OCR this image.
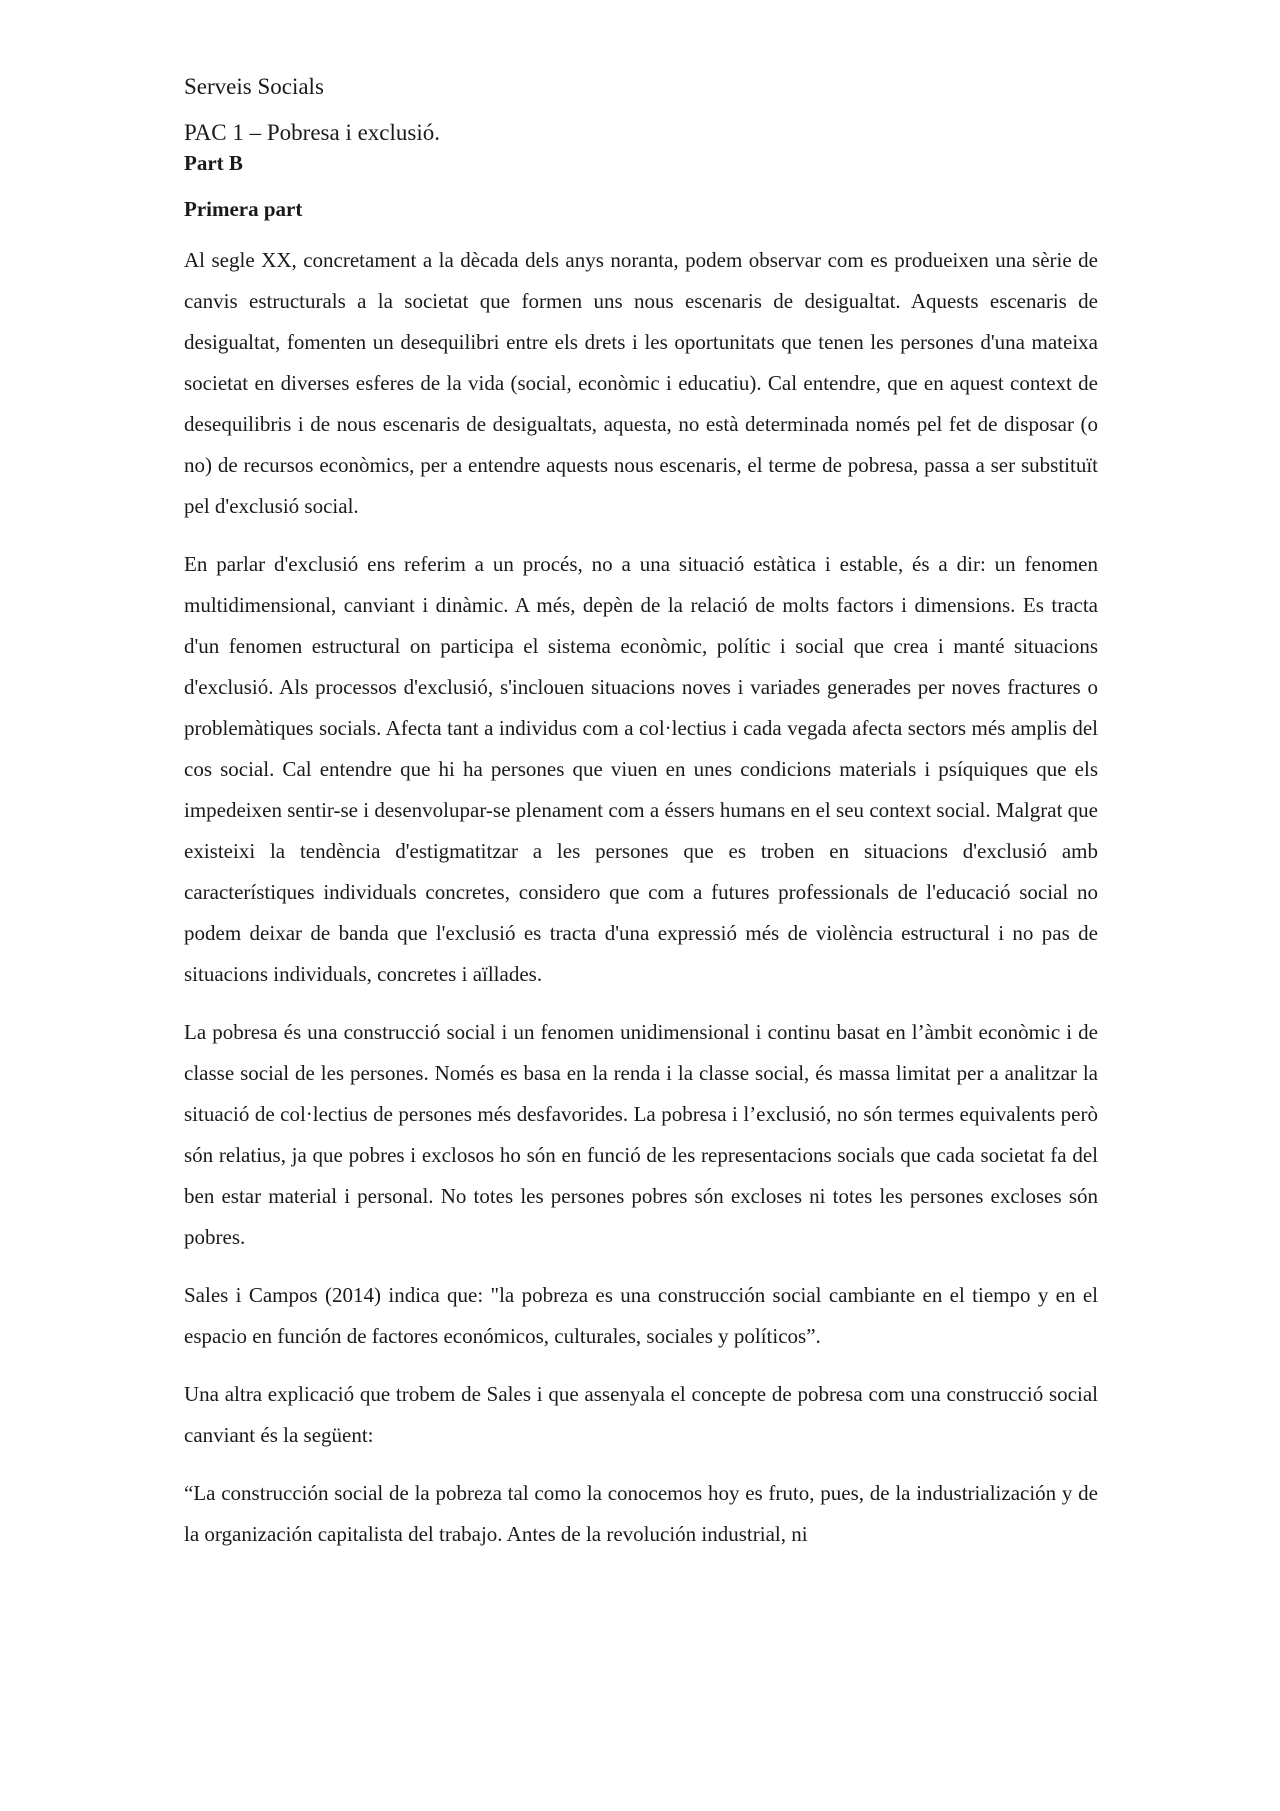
Serveis Socials

PAC 1 – Pobresa i exclusió.

Part B

Primera part

Al segle XX, concretament a la dècada dels anys noranta, podem observar com es produeixen una sèrie de canvis estructurals a la societat que formen uns nous escenaris de desigualtat. Aquests escenaris de desigualtat, fomenten un desequilibri entre els drets i les oportunitats que tenen les persones d'una mateixa societat en diverses esferes de la vida (social, econòmic i educatiu). Cal entendre, que en aquest context de desequilibris i de nous escenaris de desigualtats, aquesta, no està determinada només pel fet de disposar (o no) de recursos econòmics, per a entendre aquests nous escenaris, el terme de pobresa, passa a ser substituït pel d'exclusió social.

En parlar d'exclusió ens referim a un procés, no a una situació estàtica i estable, és a dir: un fenomen multidimensional, canviant i dinàmic. A més, depèn de la relació de molts factors i dimensions. Es tracta d'un fenomen estructural on participa el sistema econòmic, polític i social que crea i manté situacions d'exclusió. Als processos d'exclusió, s'inclouen situacions noves i variades generades per noves fractures o problemàtiques socials. Afecta tant a individus com a col·lectius i cada vegada afecta sectors més amplis del cos social. Cal entendre que hi ha persones que viuen en unes condicions materials i psíquiques que els impedeixen sentir-se i desenvolupar-se plenament com a éssers humans en el seu context social. Malgrat que existeixi la tendència d'estigmatitzar a les persones que es troben en situacions d'exclusió amb característiques individuals concretes, considero que com a futures professionals de l'educació social no podem deixar de banda que l'exclusió es tracta d'una expressió més de violència estructural i no pas de situacions individuals, concretes i aïllades.

La pobresa és una construcció social i un fenomen unidimensional i continu basat en l’àmbit econòmic i de classe social de les persones. Només es basa en la renda i la classe social, és massa limitat per a analitzar la situació de col·lectius de persones més desfavorides. La pobresa i l’exclusió, no són termes equivalents però són relatius, ja que pobres i exclosos ho són en funció de les representacions socials que cada societat fa del ben estar material i personal. No totes les persones pobres són excloses ni totes les persones excloses són pobres.

Sales i Campos (2014) indica que: "la pobreza es una construcción social cambiante en el tiempo y en el espacio en función de factores económicos, culturales, sociales y políticos”.

Una altra explicació que trobem de Sales i que assenyala el concepte de pobresa com una construcció social canviant és la següent:

“La construcción social de la pobreza tal como la conocemos hoy es fruto, pues, de la industrialización y de la organización capitalista del trabajo. Antes de la revolución industrial, ni
